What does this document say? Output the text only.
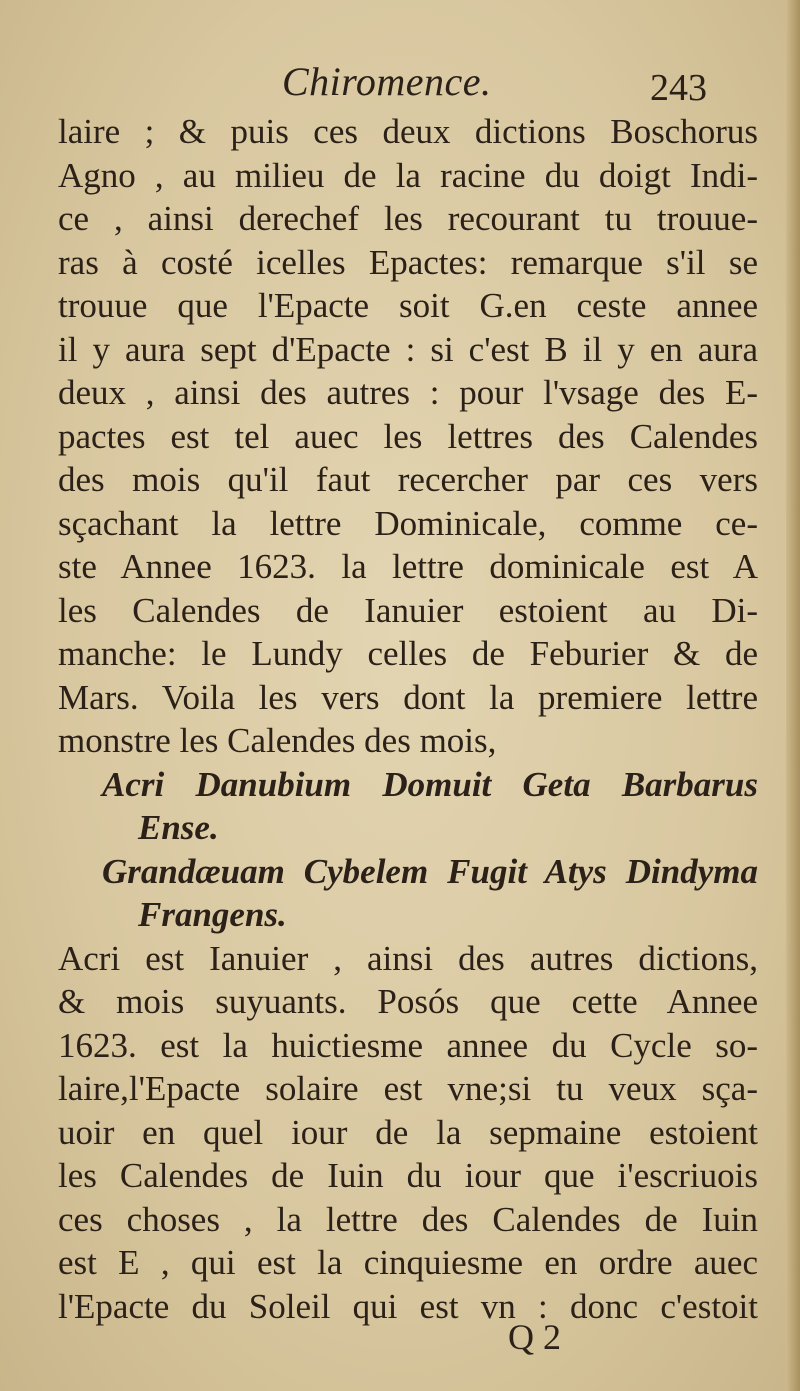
Chiromence.	243
laire ; & puis ces deux dictions Boschorus
Agno , au milieu de la racine du doigt Indi-
ce , ainsi derechef les recourant tu trouue-
ras à costé icelles Epactes: remarque s'il se
trouue que l'Epacte soit G.en ceste annee
il y aura sept d'Epacte : si c'est B il y en aura
deux , ainsi des autres : pour l'vsage des E-
pactes est tel auec les lettres des Calendes
des mois qu'il faut recercher par ces vers
sçachant la lettre Dominicale, comme ce-
ste Annee 1623. la lettre dominicale est A
les Calendes de Ianuier estoient au Di-
manche: le Lundy celles de Feburier & de
Mars. Voila les vers dont la premiere lettre
monstre les Calendes des mois,
Acri Danubium Domuit Geta Barbarus
Ense.
Grandæuam Cybelem Fugit Atys Dindyma
Frangens.
Acri est Ianuier , ainsi des autres dictions,
& mois suyuants. Posós que cette Annee
1623. est la huictiesme annee du Cycle so-
laire,l'Epacte solaire est vne;si tu veux sça-
uoir en quel iour de la sepmaine estoient
les Calendes de Iuin du iour que i'escriuois
ces choses , la lettre des Calendes de Iuin
est E , qui est la cinquiesme en ordre auec
l'Epacte du Soleil qui est vn : donc c'estoit
Q 2
